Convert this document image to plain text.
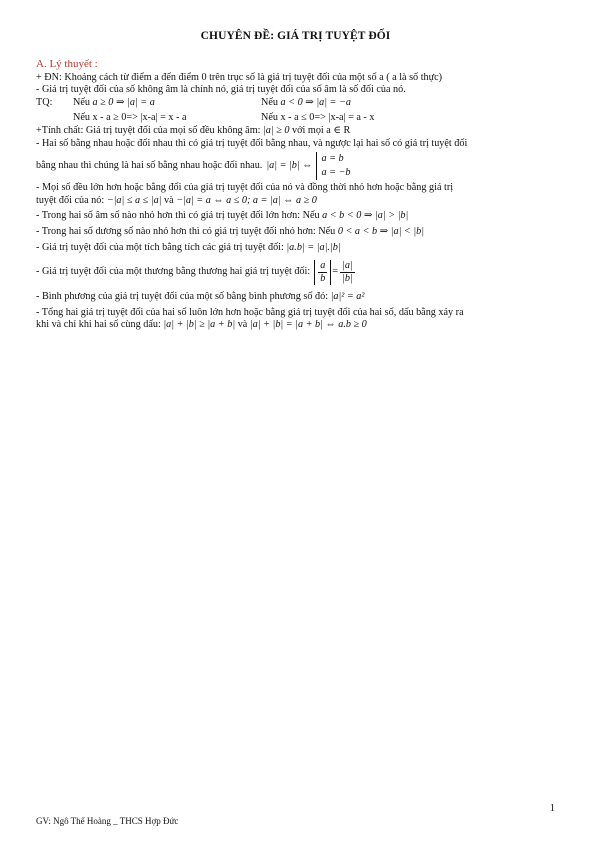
CHUYÊN ĐỀ: GIÁ TRỊ TUYỆT ĐỐI
A. Lý thuyết :
+ ĐN: Khoảng cách từ điểm a đến điểm 0 trên trục số là giá trị tuyệt đối của một số a ( a là số thực)
- Giá trị tuyệt đối của số không âm là chính nó, giá trị tuyệt đối của số âm là số đối của nó.
TQ: Nếu a ≥ 0 ⇒ |a| = a	Nếu a < 0 ⇒ |a| = −a
Nếu x - a ≥ 0=> |x-a| = x - a	Nếu x - a ≤ 0=> |x-a| = a - x
+Tính chất: Giá trị tuyệt đối của mọi số đều không âm: |a| ≥ 0 với mọi a ∈ R
- Hai số bằng nhau hoặc đối nhau thì có giá trị tuyệt đối bằng nhau, và ngược lại hai số có giá trị tuyệt đối
bằng nhau thì chúng là hai số bằng nhau hoặc đối nhau. |a| = |b| ⇔
a = b
a = −b
- Mọi số đều lớn hơn hoặc bằng đối của giá trị tuyệt đối của nó và đồng thời nhỏ hơn hoặc bằng giá trị
tuyệt đối của nó: −|a| ≤ a ≤ |a| và −|a| = a ⇔ a ≤ 0; a = |a| ⇔ a ≥ 0
- Trong hai số âm số nào nhỏ hơn thì có giá trị tuyệt đối lớn hơn: Nếu a < b < 0 ⇒ |a| > |b|
- Trong hai số dương số nào nhỏ hơn thì có giá trị tuyệt đối nhỏ hơn: Nếu 0 < a < b ⇒ |a| < |b|
- Giá trị tuyệt đối của một tích bằng tích các giá trị tuyệt đối: |a.b| = |a|.|b|
- Giá trị tuyệt đối của một thương bằng thương hai giá trị tuyệt đối: $\frac{a}{b} = \frac{|a|}{|b|}$
- Bình phương của giá trị tuyệt đối của một số bằng bình phương số đó: |a|² = a²
- Tổng hai giá trị tuyệt đối của hai số luôn lớn hơn hoặc bằng giá trị tuyệt đối của hai số, dấu bằng xảy ra
khi và chỉ khi hai số cùng dấu: |a| + |b| ≥ |a + b| và |a| + |b| = |a + b| ⇔ a.b ≥ 0
1
GV: Ngô Thế Hoàng _ THCS Hợp Đức
